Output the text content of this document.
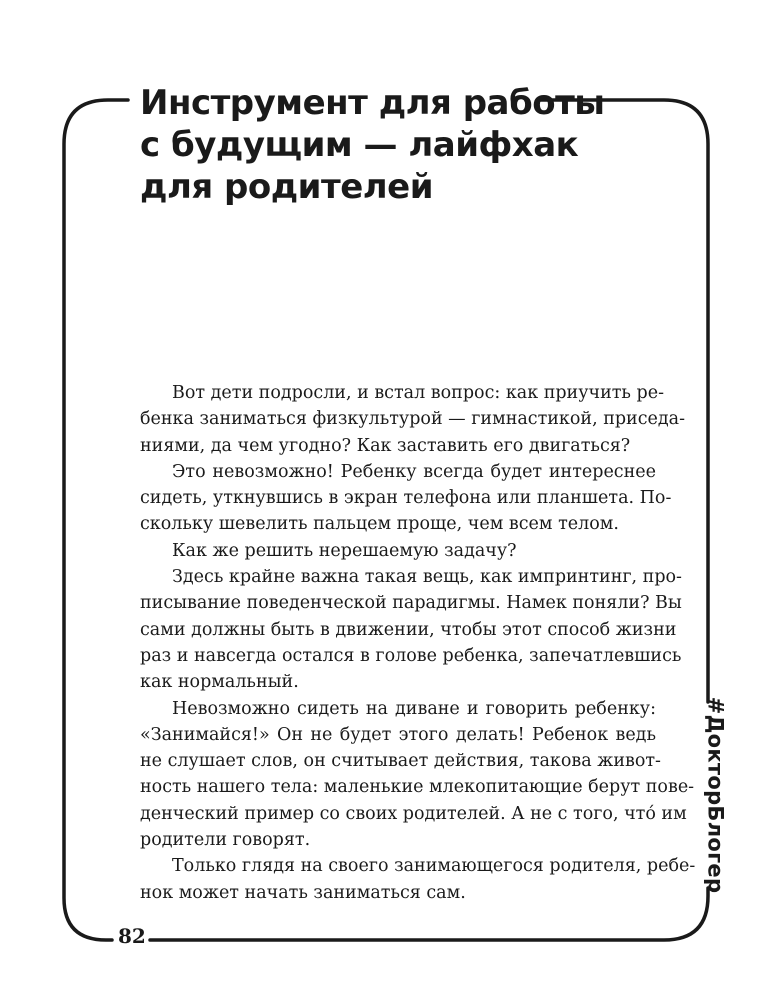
Инструмент для работы
с будущим — лайфхак
для родителей
Вот дети подросли, и встал вопрос: как приучить ре-
бенка заниматься физкультурой — гимнастикой, приседа-
ниями, да чем угодно? Как заставить его двигаться?
Это невозможно! Ребенку всегда будет интереснее
сидеть, уткнувшись в экран телефона или планшета. По-
скольку шевелить пальцем проще, чем всем телом.
Как же решить нерешаемую задачу?
Здесь крайне важна такая вещь, как импринтинг, про-
писывание поведенческой парадигмы. Намек поняли? Вы
сами должны быть в движении, чтобы этот способ жизни
раз и навсегда остался в голове ребенка, запечатлевшись
как нормальный.
Невозможно сидеть на диване и говорить ребенку:
«Занимайся!» Он не будет этого делать! Ребенок ведь
не слушает слов, он считывает действия, такова живот-
ность нашего тела: маленькие млекопитающие берут пове-
денческий пример со своих родителей. А не с того, что́ им
родители говорят.
Только глядя на своего занимающегося родителя, ребе-
нок может начать заниматься сам.	#ДокторБлогер
82
